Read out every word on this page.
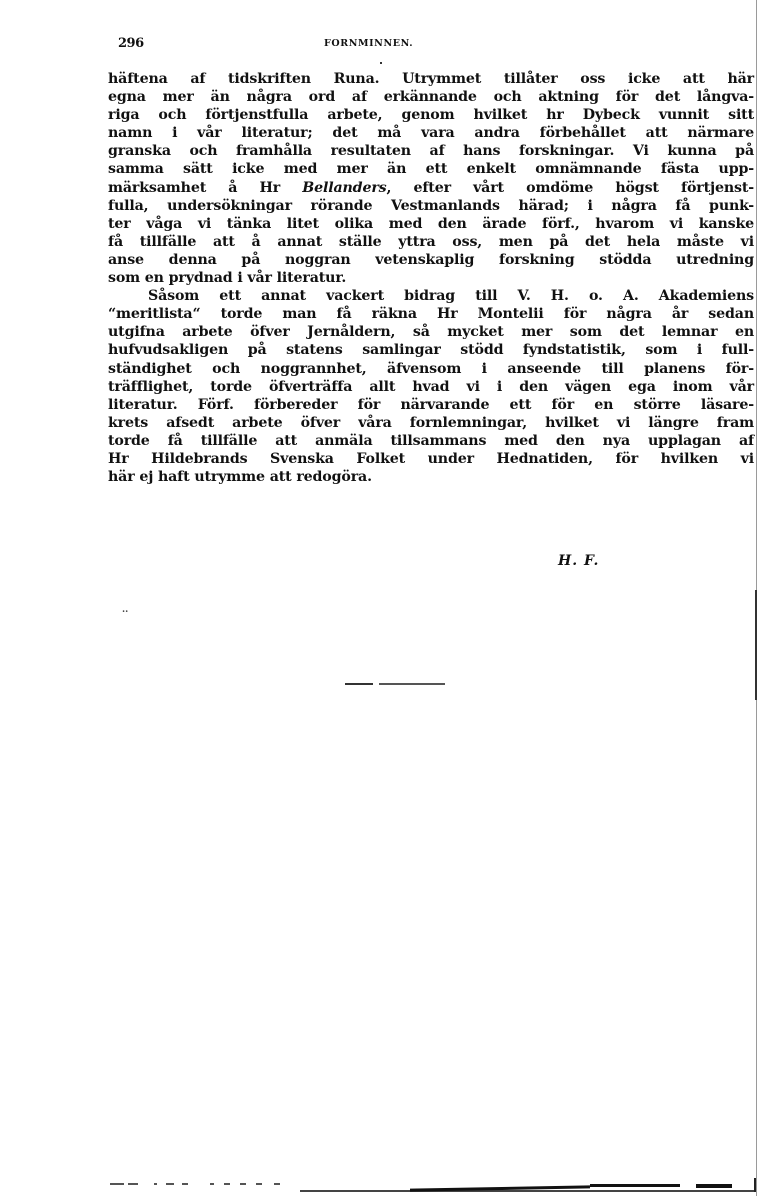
296	FORNMINNEN.
häftena af tidskriften Runa. Utrymmet tillåter oss icke att här
egna mer än några ord af erkännande och aktning för det långva-
riga och förtjenstfulla arbete, genom hvilket hr Dybeck vunnit sitt
namn i vår literatur; det må vara andra förbehållet att närmare
granska och framhålla resultaten af hans forskningar. Vi kunna på
samma sätt icke med mer än ett enkelt omnämnande fästa upp-
märksamhet å Hr Bellanders, efter vårt omdöme högst förtjenst-
fulla, undersökningar rörande Vestmanlands härad; i några få punk-
ter våga vi tänka litet olika med den ärade förf., hvarom vi kanske
få tillfälle att å annat ställe yttra oss, men på det hela måste vi
anse denna på noggran vetenskaplig forskning stödda utredning
som en prydnad i vår literatur.
Såsom ett annat vackert bidrag till V. H. o. A. Akademiens
“meritlista“ torde man få räkna Hr Montelii för några år sedan
utgifna arbete öfver Jernåldern, så mycket mer som det lemnar en
hufvudsakligen på statens samlingar stödd fyndstatistik, som i full-
ständighet och noggrannhet, äfvensom i anseende till planens för-
träfflighet, torde öfverträffa allt hvad vi i den vägen ega inom vår
literatur. Förf. förbereder för närvarande ett för en större läsare-
krets afsedt arbete öfver våra fornlemningar, hvilket vi längre fram
torde få tillfälle att anmäla tillsammans med den nya upplagan af
Hr Hildebrands Svenska Folket under Hednatiden, för hvilken vi
här ej haft utrymme att redogöra.
H. F.
..
